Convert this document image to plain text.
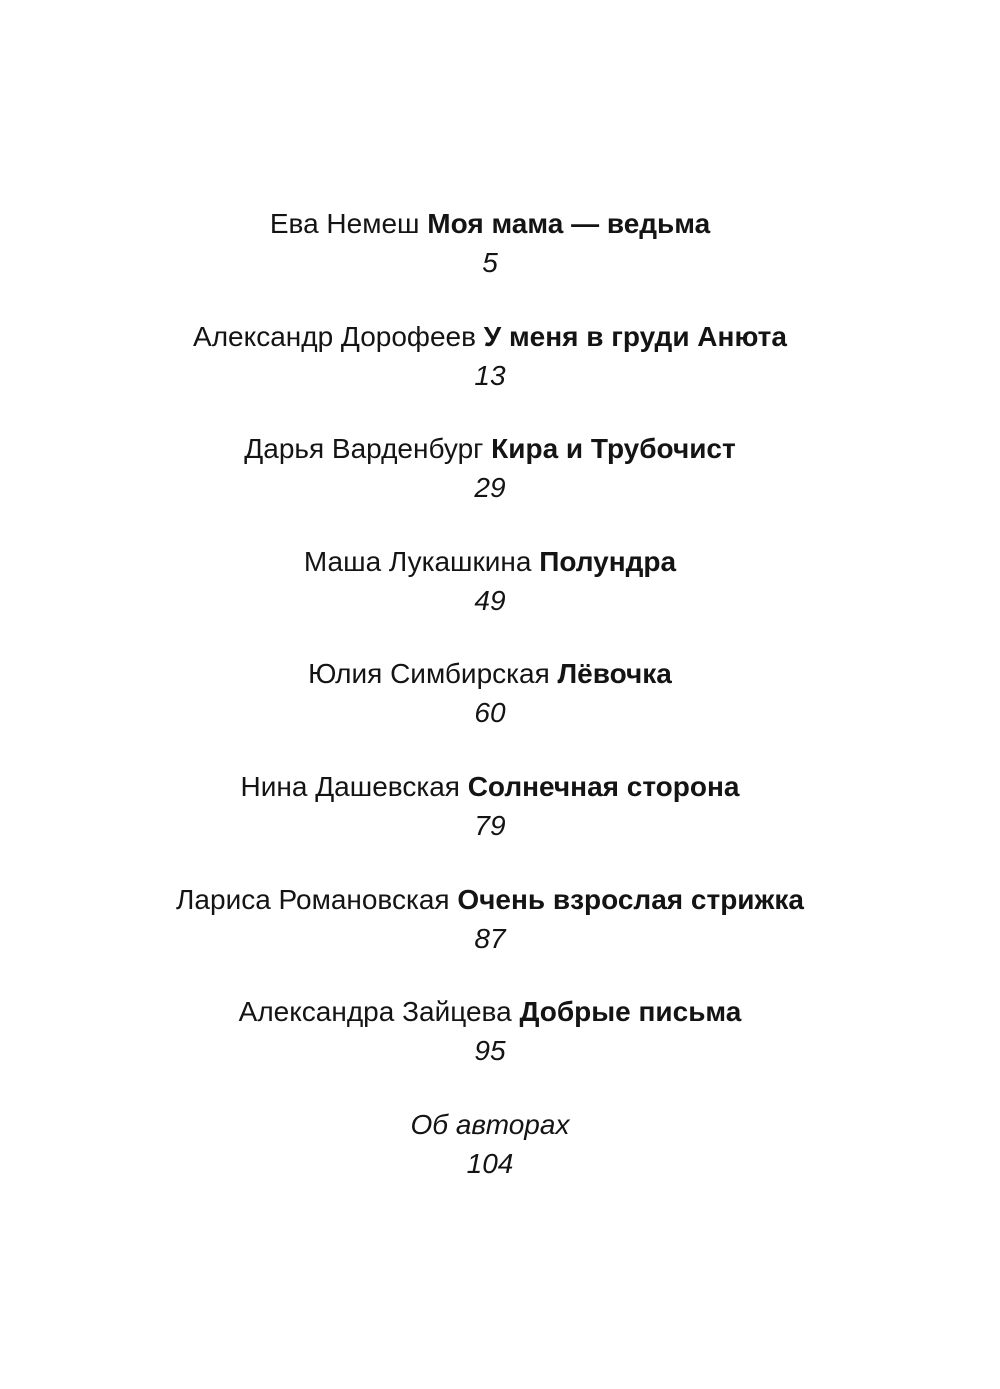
Ева Немеш Моя мама — ведьма
5
Александр Дорофеев У меня в груди Анюта
13
Дарья Варденбург Кира и Трубочист
29
Маша Лукашкина Полундра
49
Юлия Симбирская Лёвочка
60
Нина Дашевская Солнечная сторона
79
Лариса Романовская Очень взрослая стрижка
87
Александра Зайцева Добрые письма
95
Об авторах
104
